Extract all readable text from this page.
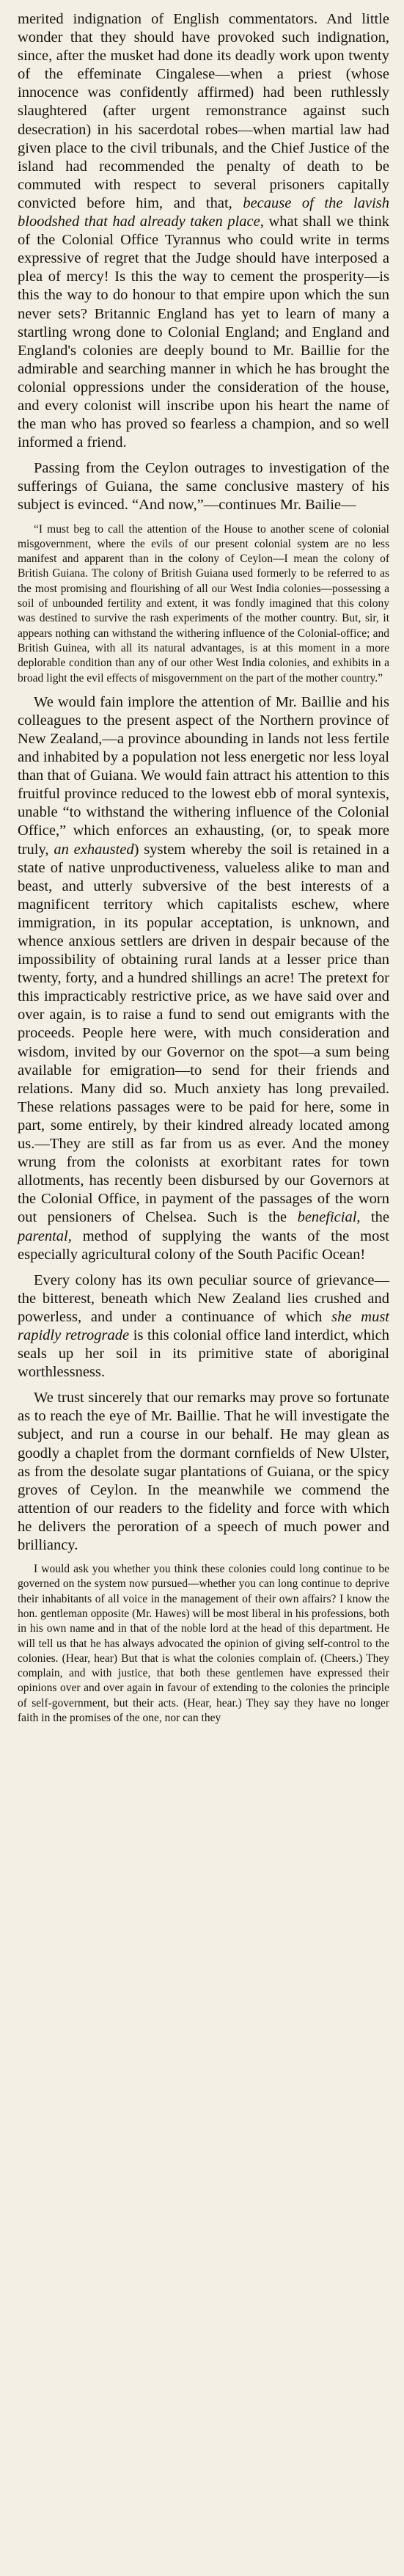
merited indignation of English commentators. And little wonder that they should have provoked such indignation, since, after the musket had done its deadly work upon twenty of the effeminate Cingalese—when a priest (whose innocence was confidently affirmed) had been ruthlessly slaughtered (after urgent remonstrance against such desecration) in his sacerdotal robes—when martial law had given place to the civil tribunals, and the Chief Justice of the island had recommended the penalty of death to be commuted with respect to several prisoners capitally convicted before him, and that, because of the lavish bloodshed that had already taken place, what shall we think of the Colonial Office Tyrannus who could write in terms expressive of regret that the Judge should have interposed a plea of mercy! Is this the way to cement the prosperity—is this the way to do honour to that empire upon which the sun never sets? Britannic England has yet to learn of many a startling wrong done to Colonial England; and England and England's colonies are deeply bound to Mr. Baillie for the admirable and searching manner in which he has brought the colonial oppressions under the consideration of the house, and every colonist will inscribe upon his heart the name of the man who has proved so fearless a champion, and so well informed a friend.

Passing from the Ceylon outrages to investigation of the sufferings of Guiana, the same conclusive mastery of his subject is evinced. “And now,”—continues Mr. Bailie—

“I must beg to call the attention of the House to another scene of colonial misgovernment, where the evils of our present colonial system are no less manifest and apparent than in the colony of Ceylon—I mean the colony of British Guiana. The colony of British Guiana used formerly to be referred to as the most promising and flourishing of all our West India colonies—possessing a soil of unbounded fertility and extent, it was fondly imagined that this colony was destined to survive the rash experiments of the mother country. But, sir, it appears nothing can withstand the withering influence of the Colonial-office; and British Guinea, with all its natural advantages, is at this moment in a more deplorable condition than any of our other West India colonies, and exhibits in a broad light the evil effects of misgovernment on the part of the mother country.”

We would fain implore the attention of Mr. Baillie and his colleagues to the present aspect of the Northern province of New Zealand,—a province abounding in lands not less fertile and inhabited by a population not less energetic nor less loyal than that of Guiana. We would fain attract his attention to this fruitful province reduced to the lowest ebb of moral syntexis, unable “to withstand the withering influence of the Colonial Office,” which enforces an exhausting, (or, to speak more truly, an exhausted) system whereby the soil is retained in a state of native unproductiveness, valueless alike to man and beast, and utterly subversive of the best interests of a magnificent territory which capitalists eschew, where immigration, in its popular acceptation, is unknown, and whence anxious settlers are driven in despair because of the impossibility of obtaining rural lands at a lesser price than twenty, forty, and a hundred shillings an acre! The pretext for this impracticably restrictive price, as we have said over and over again, is to raise a fund to send out emigrants with the proceeds. People here were, with much consideration and wisdom, invited by our Governor on the spot—a sum being available for emigration—to send for their friends and relations. Many did so. Much anxiety has long prevailed. These relations passages were to be paid for here, some in part, some entirely, by their kindred already located among us.—They are still as far from us as ever. And the money wrung from the colonists at exorbitant rates for town allotments, has recently been disbursed by our Governors at the Colonial Office, in payment of the passages of the worn out pensioners of Chelsea. Such is the beneficial, the parental, method of supplying the wants of the most especially agricultural colony of the South Pacific Ocean!

Every colony has its own peculiar source of grievance—the bitterest, beneath which New Zealand lies crushed and powerless, and under a continuance of which she must rapidly retrograde is this colonial office land interdict, which seals up her soil in its primitive state of aboriginal worthlessness.

We trust sincerely that our remarks may prove so fortunate as to reach the eye of Mr. Baillie. That he will investigate the subject, and run a course in our behalf. He may glean as goodly a chaplet from the dormant cornfields of New Ulster, as from the desolate sugar plantations of Guiana, or the spicy groves of Ceylon. In the meanwhile we commend the attention of our readers to the fidelity and force with which he delivers the peroration of a speech of much power and brilliancy.

I would ask you whether you think these colonies could long continue to be governed on the system now pursued—whether you can long continue to deprive their inhabitants of all voice in the management of their own affairs? I know the hon. gentleman opposite (Mr. Hawes) will be most liberal in his professions, both in his own name and in that of the noble lord at the head of this department. He will tell us that he has always advocated the opinion of giving self-control to the colonies. (Hear, hear) But that is what the colonies complain of. (Cheers.) They complain, and with justice, that both these gentlemen have expressed their opinions over and over again in favour of extending to the colonies the principle of self-government, but their acts. (Hear, hear.) They say they have no longer faith in the promises of the one, nor can they
